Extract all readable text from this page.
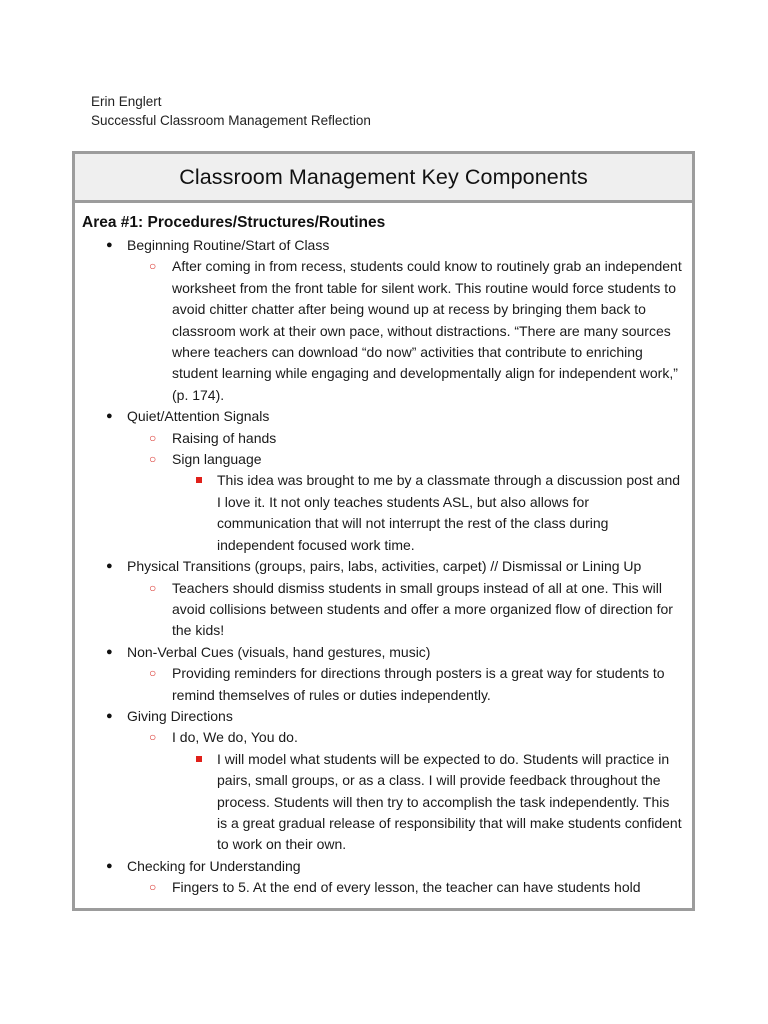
Erin Englert
Successful Classroom Management Reflection
Classroom Management Key Components
Area #1: Procedures/Structures/Routines
● Beginning Routine/Start of Class
○ After coming in from recess, students could know to routinely grab an independent worksheet from the front table for silent work. This routine would force students to avoid chitter chatter after being wound up at recess by bringing them back to classroom work at their own pace, without distractions. “There are many sources where teachers can download “do now” activities that contribute to enriching student learning while engaging and developmentally align for independent work,” (p. 174).
● Quiet/Attention Signals
○ Raising of hands
○ Sign language
This idea was brought to me by a classmate through a discussion post and I love it. It not only teaches students ASL, but also allows for communication that will not interrupt the rest of the class during independent focused work time.
● Physical Transitions (groups, pairs, labs, activities, carpet) // Dismissal or Lining Up
○ Teachers should dismiss students in small groups instead of all at one. This will avoid collisions between students and offer a more organized flow of direction for the kids!
● Non-Verbal Cues (visuals, hand gestures, music)
○ Providing reminders for directions through posters is a great way for students to remind themselves of rules or duties independently.
● Giving Directions
○ I do, We do, You do.
I will model what students will be expected to do. Students will practice in pairs, small groups, or as a class. I will provide feedback throughout the process. Students will then try to accomplish the task independently. This is a great gradual release of responsibility that will make students confident to work on their own.
● Checking for Understanding
○ Fingers to 5. At the end of every lesson, the teacher can have students hold
